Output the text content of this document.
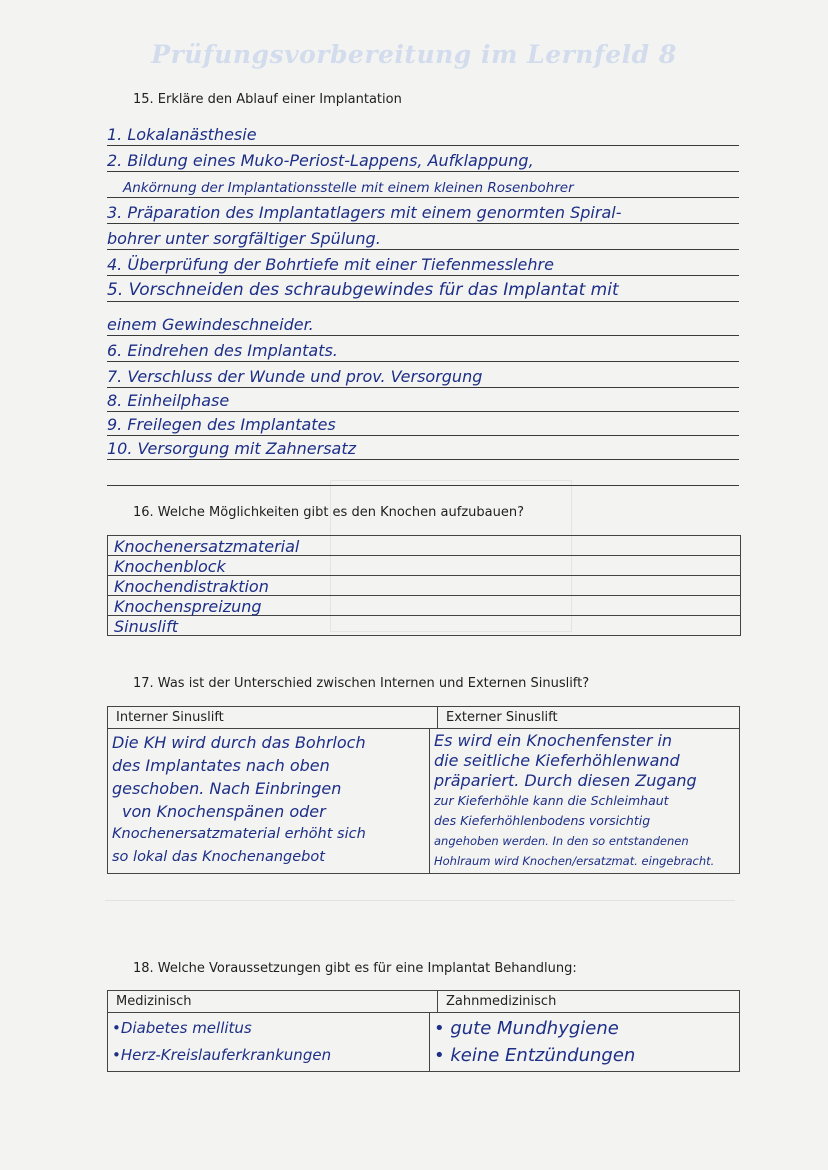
Prüfungsvorbereitung im Lernfeld 8
15. Erkläre den Ablauf einer Implantation
1. Lokalanästhesie
2. Bildung eines Muko-Periost-Lappens, Aufklappung,
Ankörnung der Implantationsstelle mit einem kleinen Rosenbohrer
3. Präparation des Implantatlagers mit einem genormten Spiral-
bohrer unter sorgfältiger Spülung.
4. Überprüfung der Bohrtiefe mit einer Tiefenmesslehre
5. Vorschneiden des schraubgewindes für das Implantat mit
einem Gewindeschneider.
6. Eindrehen des Implantats.
7. Verschluss der Wunde und prov. Versorgung
8. Einheilphase
9. Freilegen des Implantates
10. Versorgung mit Zahnersatz
16. Welche Möglichkeiten gibt es den Knochen aufzubauen?
Knochenersatzmaterial
Knochenblock
Knochendistraktion
Knochenspreizung
Sinuslift
17. Was ist der Unterschied zwischen Internen und Externen Sinuslift?
Interner Sinuslift	Externer Sinuslift
Die KH wird durch das Bohrloch
des Implantates nach oben
geschoben. Nach Einbringen
von Knochenspänen oder
Knochenersatzmaterial erhöht sich
so lokal das Knochenangebot
Es wird ein Knochenfenster in
die seitliche Kieferhöhlenwand
präpariert. Durch diesen Zugang
zur Kieferhöhle kann die Schleimhaut
des Kieferhöhlenbodens vorsichtig
angehoben werden. In den so entstandenen
Hohlraum wird Knochen/ersatzmat. eingebracht.
18. Welche Voraussetzungen gibt es für eine Implantat Behandlung:
Medizinisch	Zahnmedizinisch
•Diabetes mellitus
•Herz-Kreislauferkrankungen
• gute Mundhygiene
• keine Entzündungen
